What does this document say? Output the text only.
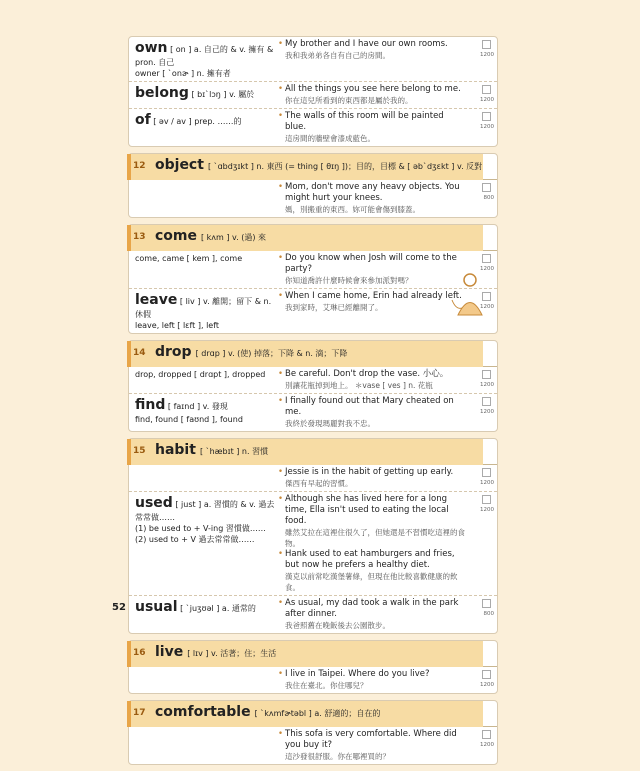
own [ on ] a. 自己的 & v. 擁有 & pron. 自己
owner [ ˋonɚ ] n. 擁有者
• My brother and I have our own rooms.
我和我弟弟各自有自己的房間。	1200
belong [ bɪˋlɔŋ ] v. 屬於
• All the things you see here belong to me.
你在這兒所看到的東西都是屬於我的。	1200
of [ əv / av ] prep. ……的
• The walls of this room will be painted blue.
這房間的牆壁會漆成藍色。
1200
12 object [ ˋɑbdʒɪkt ] n. 東西 (= thing [ θɪŋ ])；目的，目標 & [ əbˋdʒɛkt ] v. 反對
• Mom, don't move any heavy objects. You might hurt your knees.
媽，別搬重的東西。妳可能會傷到膝蓋。
800
13 come [ kʌm ] v. (過) 來
come, came [ kem ], come	• Do you know when Josh will come to the party?
你知道喬許什麼時候會來參加派對嗎？
1200
leave [ liv ] v. 離開；留下 & n. 休假
leave, left [ lɛft ], left
• When I came home, Erin had already left.
我到家時，艾琳已經離開了。	1200
14 drop [ drɑp ] v. (使) 掉落；下降 & n. 滴；下降
drop, dropped [ drɑpt ], dropped	• Be careful. Don't drop the vase. 小心。
別讓花瓶掉到地上。 ＊vase [ ves ] n. 花瓶	1200
find [ faɪnd ] v. 發現
find, found [ faʊnd ], found
• I finally found out that Mary cheated on me.
我終於發現瑪麗對我不忠。
1200
15 habit [ ˋhæbɪt ] n. 習慣
• Jessie is in the habit of getting up early.
傑西有早起的習慣。	1200
used [ just ] a. 習慣的 & v. 過去常常做……
(1) be used to + V-ing 習慣做…… (2) used to + V 過去常常做……
• Although she has lived here for a long time, Ella isn't used to eating the local food.
雖然艾拉在這裡住很久了，但她還是不習慣吃這裡的食物。
• Hank used to eat hamburgers and fries, but now he prefers a healthy diet.
漢克以前常吃漢堡薯條，但現在他比較喜歡健康的飲食。
1200
usual [ ˋjuʒʊəl ] a. 通常的
• As usual, my dad took a walk in the park after dinner.
我爸照舊在晚飯後去公園散步。
800
16 live [ lɪv ] v. 活著；住；生活
• I live in Taipei. Where do you live?
我住在臺北。你住哪兒？	1200
17 comfortable [ ˋkʌmfɚtəbl ] a. 舒適的；自在的
• This sofa is very comfortable. Where did you buy it?
這沙發很舒服。你在哪裡買的？
1200
52
